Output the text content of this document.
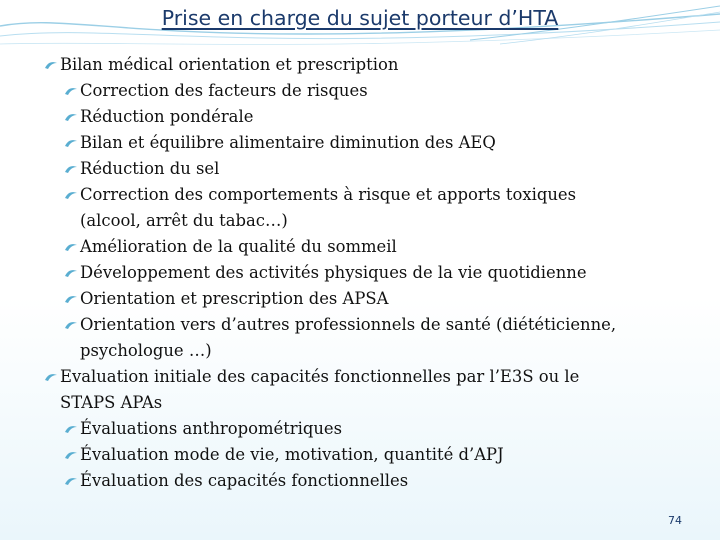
Prise en charge du sujet porteur d’HTA
Bilan médical orientation et prescription
Correction des facteurs de risques
Réduction pondérale
Bilan et équilibre alimentaire diminution des AEQ
Réduction du sel
Correction des comportements à risque et apports toxiques
(alcool, arrêt du tabac…)
Amélioration de la qualité du sommeil
Développement des activités physiques de la vie quotidienne
Orientation et prescription des APSA
Orientation vers d’autres professionnels de santé (diététicienne,
psychologue …)
Evaluation initiale des capacités fonctionnelles par l’E3S ou le
STAPS APAs
Évaluations anthropométriques
Évaluation mode de vie, motivation, quantité d’APJ
Évaluation des capacités fonctionnelles
74
